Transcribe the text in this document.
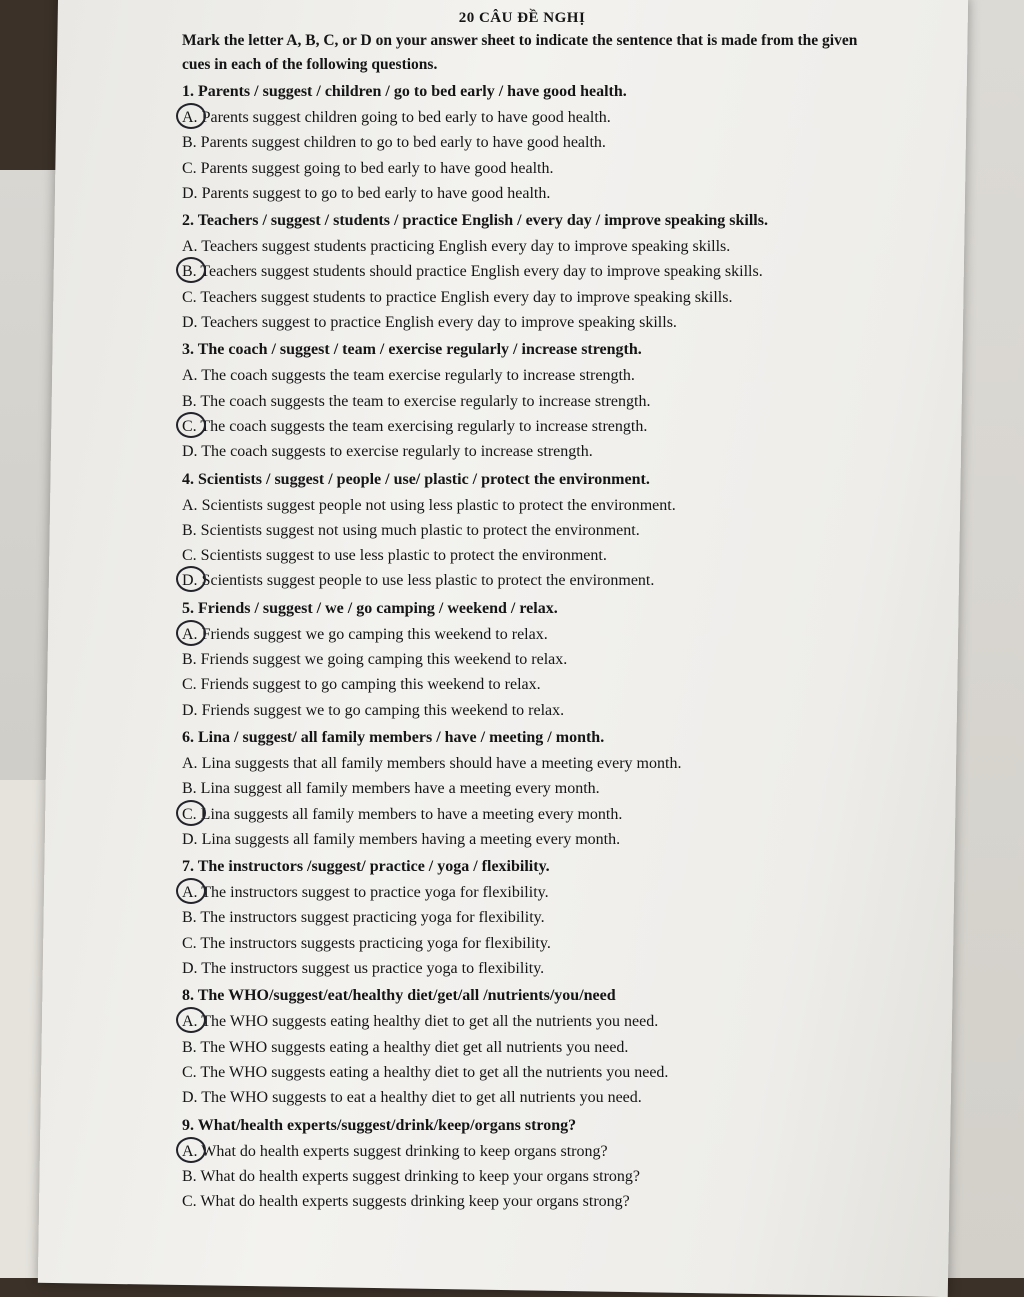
20 CÂU ĐỀ NGHỊ
Mark the letter A, B, C, or D on your answer sheet to indicate the sentence that is made from the given cues in each of the following questions.
1. Parents / suggest / children / go to bed early / have good health.
A. Parents suggest children going to bed early to have good health.
B. Parents suggest children to go to bed early to have good health.
C. Parents suggest going to bed early to have good health.
D. Parents suggest to go to bed early to have good health.
2. Teachers / suggest / students / practice English / every day / improve speaking skills.
A. Teachers suggest students practicing English every day to improve speaking skills.
B. Teachers suggest students should practice English every day to improve speaking skills.
C. Teachers suggest students to practice English every day to improve speaking skills.
D. Teachers suggest to practice English every day to improve speaking skills.
3. The coach / suggest / team / exercise regularly / increase strength.
A. The coach suggests the team exercise regularly to increase strength.
B. The coach suggests the team to exercise regularly to increase strength.
C. The coach suggests the team exercising regularly to increase strength.
D. The coach suggests to exercise regularly to increase strength.
4. Scientists / suggest / people / use/ plastic / protect the environment.
A. Scientists suggest people not using less plastic to protect the environment.
B. Scientists suggest not using much plastic to protect the environment.
C. Scientists suggest to use less plastic to protect the environment.
D. Scientists suggest people to use less plastic to protect the environment.
5. Friends / suggest / we / go camping / weekend / relax.
A. Friends suggest we go camping this weekend to relax.
B. Friends suggest we going camping this weekend to relax.
C. Friends suggest to go camping this weekend to relax.
D. Friends suggest we to go camping this weekend to relax.
6. Lina / suggest/ all family members / have / meeting / month.
A. Lina suggests that all family members should have a meeting every month.
B. Lina suggest all family members have a meeting every month.
C. Lina suggests all family members to have a meeting every month.
D. Lina suggests all family members having a meeting every month.
7. The instructors /suggest/ practice / yoga / flexibility.
A. The instructors suggest to practice yoga for flexibility.
B. The instructors suggest practicing yoga for flexibility.
C. The instructors suggests practicing yoga for flexibility.
D. The instructors suggest us practice yoga to flexibility.
8. The WHO/suggest/eat/healthy diet/get/all /nutrients/you/need
A. The WHO suggests eating healthy diet to get all the nutrients you need.
B. The WHO suggests eating a healthy diet get all nutrients you need.
C. The WHO suggests eating a healthy diet to get all the nutrients you need.
D. The WHO suggests to eat a healthy diet to get all nutrients you need.
9. What/health experts/suggest/drink/keep/organs strong?
A. What do health experts suggest drinking to keep organs strong?
B. What do health experts suggest drinking to keep your organs strong?
C. What do health experts suggests drinking keep your organs strong?
